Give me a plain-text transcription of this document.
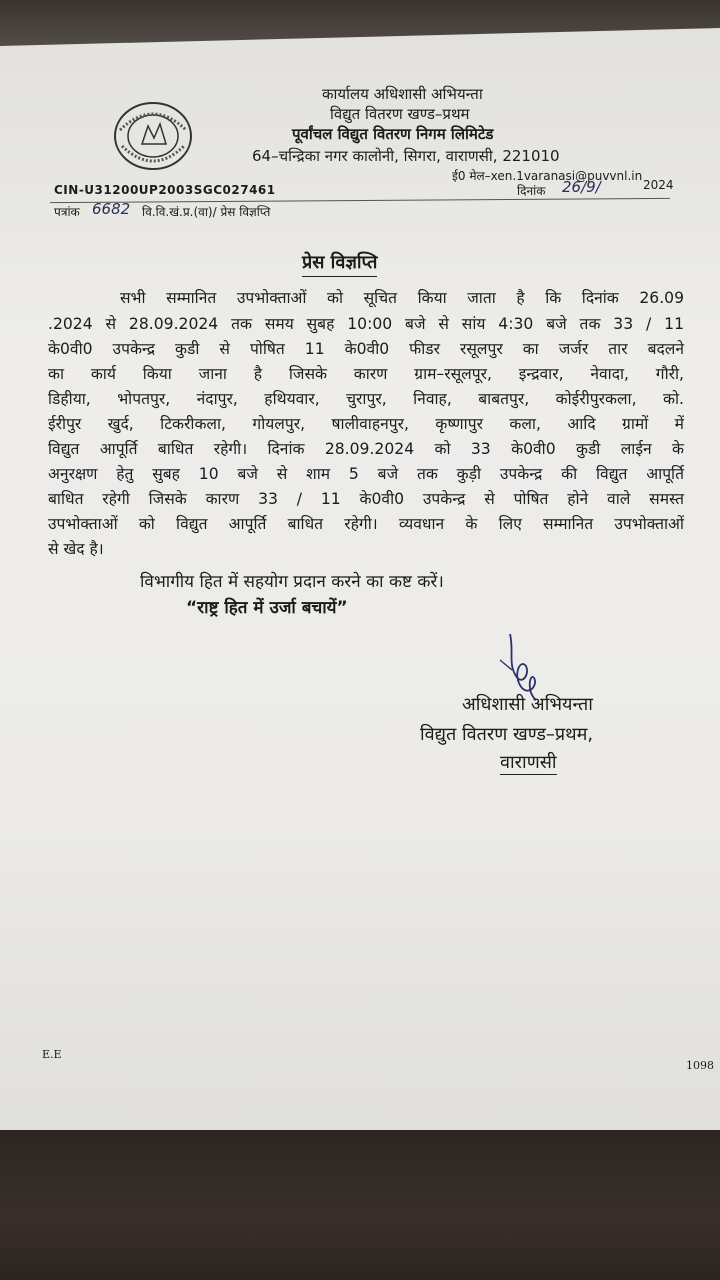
कार्यालय अधिशासी अभियन्ता
विद्युत वितरण खण्ड–प्रथम
पूर्वांचल विद्युत वितरण निगम लिमिटेड
64–चन्द्रिका नगर कालोनी, सिगरा, वाराणसी, 221010
ई0 मेल–xen.1varanasi@puvvnl.in
CIN-U31200UP2003SGC027461	दिनांक 26/9/	2024
पत्रांक 6682 वि.वि.खं.प्र.(वा)/ प्रेस विज्ञप्ति
प्रेस विज्ञप्ति
सभी सम्मानित उपभोक्ताओं को सूचित किया जाता है कि दिनांक 26.09
.2024 से 28.09.2024 तक समय सुबह 10:00 बजे से सांय 4:30 बजे तक 33 / 11
के0वी0 उपकेन्द्र कुडी से पोषित 11 के0वी0 फीडर रसूलपुर का जर्जर तार बदलने
का कार्य किया जाना है जिसके कारण ग्राम–रसूलपूर, इन्द्रवार, नेवादा, गौरी,
डिहीया, भोपतपुर, नंदापुर, हथियवार, चुरापुर, निवाह, बाबतपुर, कोईरीपुरकला, को.
ईरीपुर खुर्द, टिकरीकला, गोयलपुर, षालीवाहनपुर, कृष्णापुर कला, आदि ग्रामों में
विद्युत आपूर्ति बाधित रहेगी। दिनांक 28.09.2024 को 33 के0वी0 कुडी लाईन के
अनुरक्षण हेतु सुबह 10 बजे से शाम 5 बजे तक कुड़ी उपकेन्द्र की विद्युत आपूर्ति
बाधित रहेगी जिसके कारण 33 / 11 के0वी0 उपकेन्द्र से पोषित होने वाले समस्त
उपभोक्ताओं को विद्युत आपूर्ति बाधित रहेगी। व्यवधान के लिए सम्मानित उपभोक्ताओं
से खेद है।
विभागीय हित में सहयोग प्रदान करने का कष्ट करें।
“राष्ट्र हित में उर्जा बचायें”
अधिशासी अभियन्ता
विद्युत वितरण खण्ड–प्रथम,
वाराणसी
E.E
1098
